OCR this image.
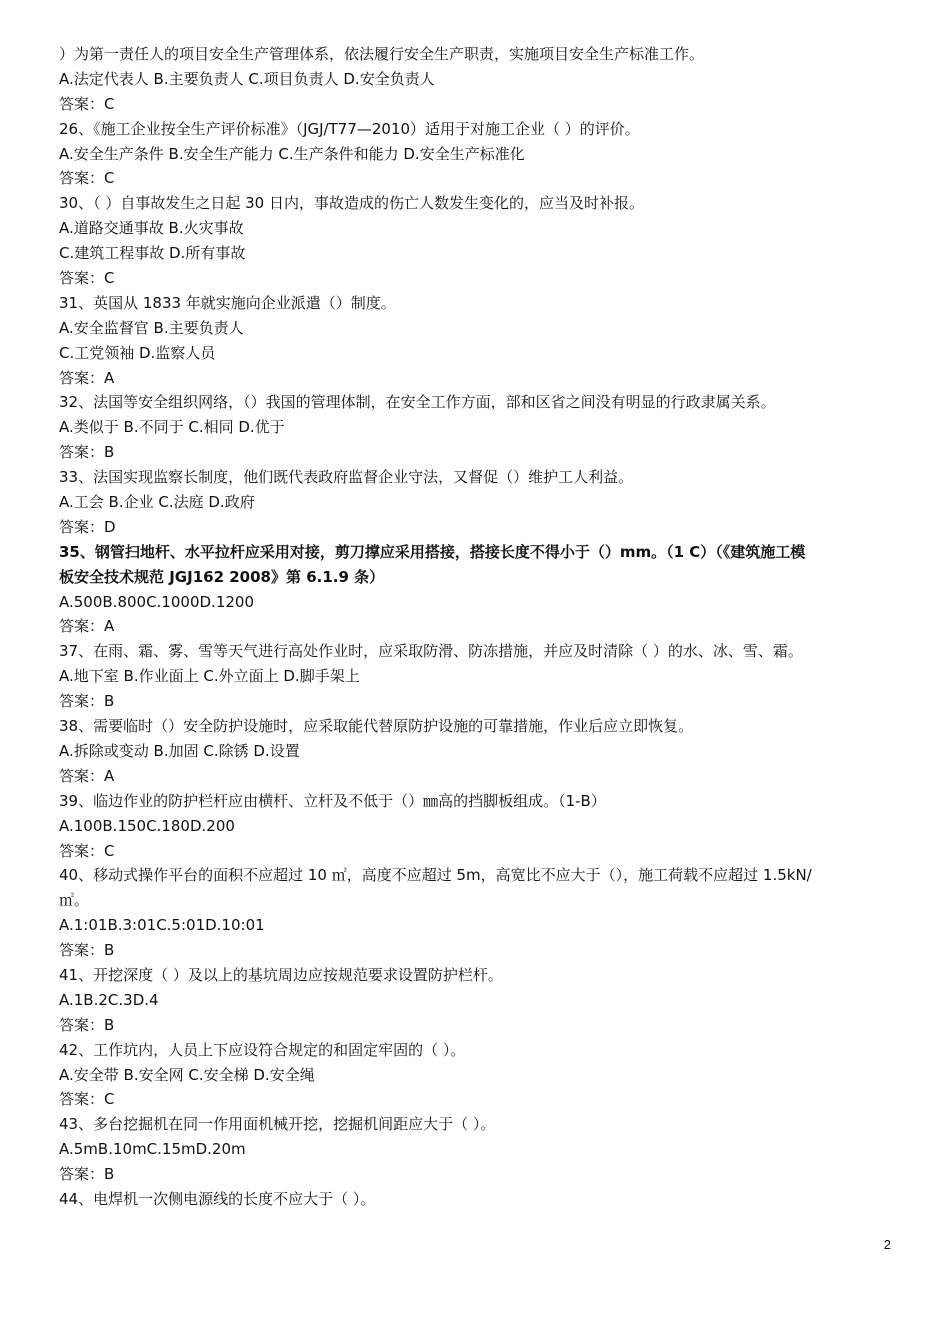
）为第一责任人的项目安全生产管理体系，依法履行安全生产职责，实施项目安全生产标准工作。
A.法定代表人 B.主要负责人 C.项目负责人 D.安全负责人
答案：C
26、《施工企业按全生产评价标准》（JGJ/T77—2010）适用于对施工企业（ ）的评价。
A.安全生产条件 B.安全生产能力 C.生产条件和能力 D.安全生产标准化
答案：C
30、（ ）自事故发生之日起 30 日内，事故造成的伤亡人数发生变化的，应当及时补报。
A.道路交通事故 B.火灾事故
C.建筑工程事故 D.所有事故
答案：C
31、英国从 1833 年就实施向企业派遣（）制度。
A.安全监督官 B.主要负责人
C.工党领袖 D.监察人员
答案：A
32、法国等安全组织网络，（）我国的管理体制，在安全工作方面，部和区省之间没有明显的行政隶属关系。
A.类似于 B.不同于 C.相同 D.优于
答案：B
33、法国实现监察长制度，他们既代表政府监督企业守法，又督促（）维护工人利益。
A.工会 B.企业 C.法庭 D.政府
答案：D
35、钢管扫地杆、水平拉杆应采用对接，剪刀撑应采用搭接，搭接长度不得小于（）mm。（1 C）（《建筑施工模
板安全技术规范 JGJ162 2008》第 6.1.9 条）
A.500B.800C.1000D.1200
答案：A
37、在雨、霜、雾、雪等天气进行高处作业时，应采取防滑、防冻措施，并应及时清除（ ）的水、冰、雪、霜。
A.地下室 B.作业面上 C.外立面上 D.脚手架上
答案：B
38、需要临时（）安全防护设施时，应采取能代替原防护设施的可靠措施，作业后应立即恢复。
A.拆除或变动 B.加固 C.除锈 D.设置
答案：A
39、临边作业的防护栏杆应由横杆、立杆及不低于（）㎜高的挡脚板组成。（1-B）
A.100B.150C.180D.200
答案：C
40、移动式操作平台的面积不应超过 10 ㎡，高度不应超过 5m，高宽比不应大于（），施工荷载不应超过 1.5kN/
㎡。
A.1:01B.3:01C.5:01D.10:01
答案：B
41、开挖深度（ ）及以上的基坑周边应按规范要求设置防护栏杆。
A.1B.2C.3D.4
答案：B
42、工作坑内，人员上下应设符合规定的和固定牢固的（ ）。
A.安全带 B.安全网 C.安全梯 D.安全绳
答案：C
43、多台挖掘机在同一作用面机械开挖，挖掘机间距应大于（ ）。
A.5mB.10mC.15mD.20m
答案：B
44、电焊机一次侧电源线的长度不应大于（ ）。
2
